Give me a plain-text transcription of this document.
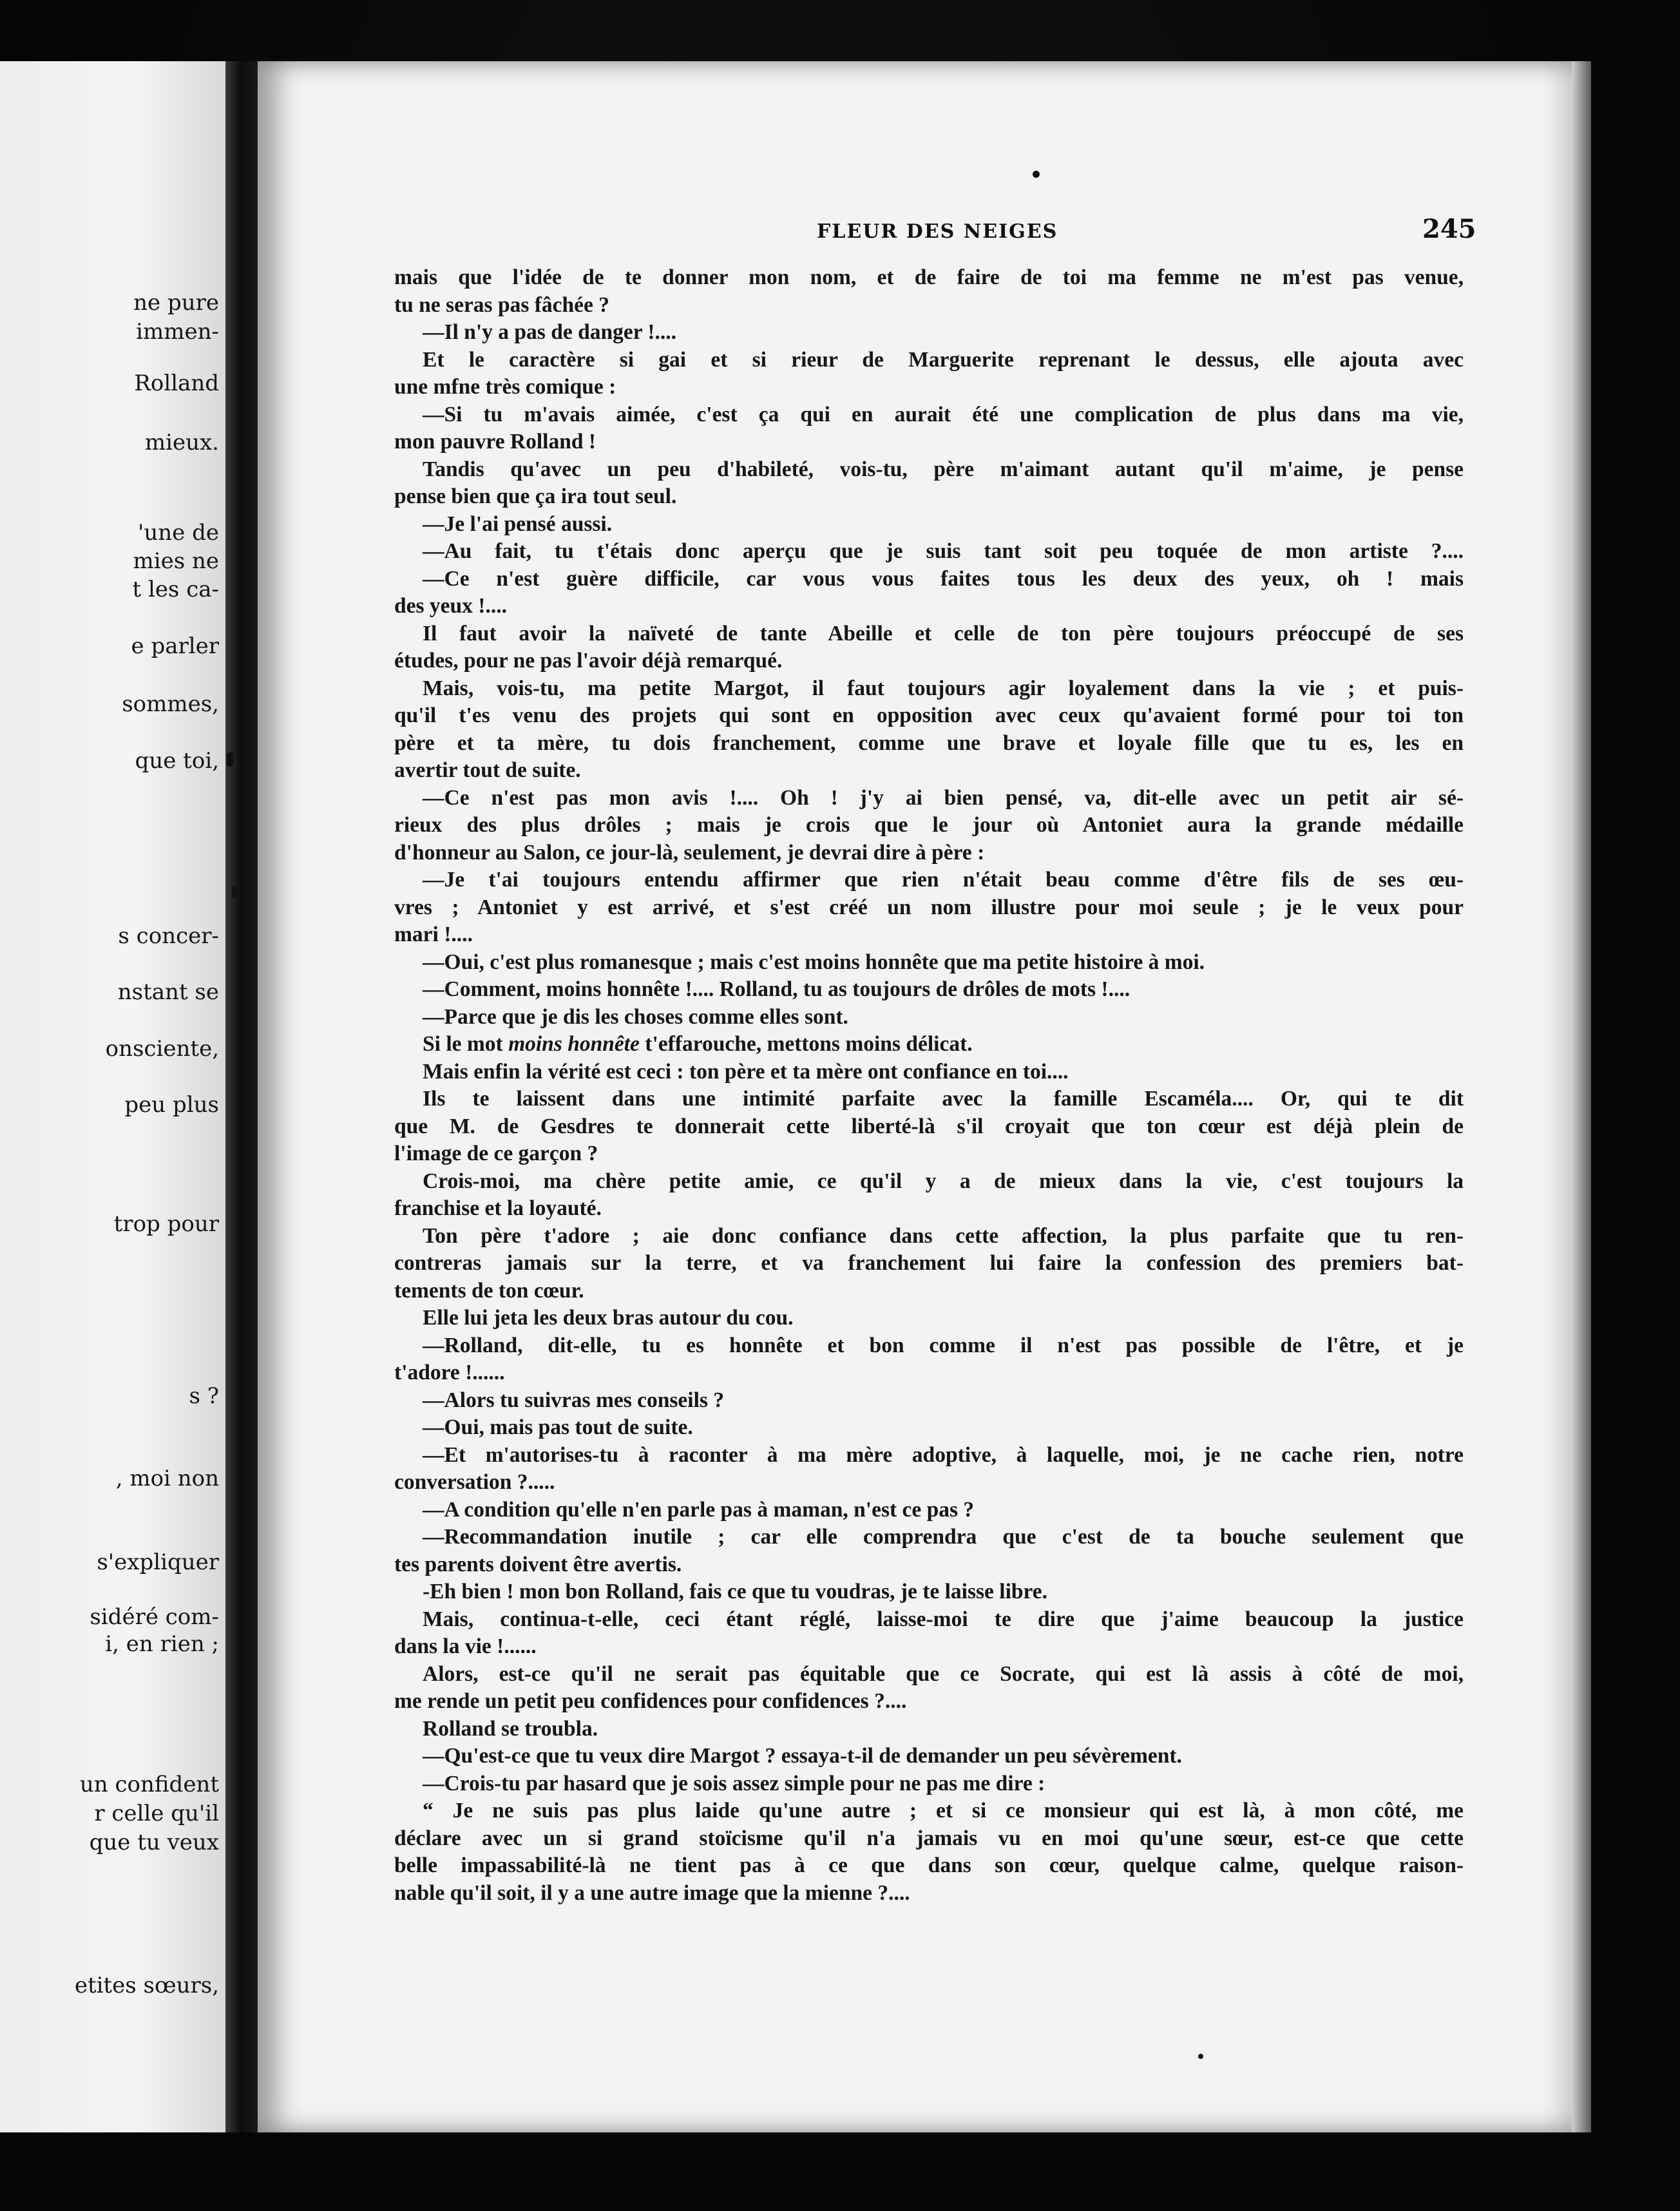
ne pure
immen-
Rolland
mieux.
'une de
mies ne
t les ca-
e parler
sommes,
que toi,
s concer-
nstant se
onsciente,
peu plus
trop pour
s ?
, moi non
s'expliquer
sidéré com-
i, en rien ;
un confident
r celle qu'il
que tu veux
etites sœurs,
FLEUR DES NEIGES	245
mais que l'idée de te donner mon nom, et de faire de toi ma femme ne m'est pas venue,
tu ne seras pas fâchée ?
—Il n'y a pas de danger !....
Et le caractère si gai et si rieur de Marguerite reprenant le dessus, elle ajouta avec
une mfne très comique :
—Si tu m'avais aimée, c'est ça qui en aurait été une complication de plus dans ma vie,
mon pauvre Rolland !
Tandis qu'avec un peu d'habileté, vois-tu, père m'aimant autant qu'il m'aime, je pense
pense bien que ça ira tout seul.
—Je l'ai pensé aussi.
—Au fait, tu t'étais donc aperçu que je suis tant soit peu toquée de mon artiste ?....
—Ce n'est guère difficile, car vous vous faites tous les deux des yeux, oh ! mais
des yeux !....
Il faut avoir la naïveté de tante Abeille et celle de ton père toujours préoccupé de ses
études, pour ne pas l'avoir déjà remarqué.
Mais, vois-tu, ma petite Margot, il faut toujours agir loyalement dans la vie ; et puis-
qu'il t'es venu des projets qui sont en opposition avec ceux qu'avaient formé pour toi ton
père et ta mère, tu dois franchement, comme une brave et loyale fille que tu es, les en
avertir tout de suite.
—Ce n'est pas mon avis !.... Oh ! j'y ai bien pensé, va, dit-elle avec un petit air sé-
rieux des plus drôles ; mais je crois que le jour où Antoniet aura la grande médaille
d'honneur au Salon, ce jour-là, seulement, je devrai dire à père :
—Je t'ai toujours entendu affirmer que rien n'était beau comme d'être fils de ses œu-
vres ; Antoniet y est arrivé, et s'est créé un nom illustre pour moi seule ; je le veux pour
mari !....
—Oui, c'est plus romanesque ; mais c'est moins honnête que ma petite histoire à moi.
—Comment, moins honnête !.... Rolland, tu as toujours de drôles de mots !....
—Parce que je dis les choses comme elles sont.
Si le mot moins honnête t'effarouche, mettons moins délicat.
Mais enfin la vérité est ceci : ton père et ta mère ont confiance en toi....
Ils te laissent dans une intimité parfaite avec la famille Escaméla.... Or, qui te dit
que M. de Gesdres te donnerait cette liberté-là s'il croyait que ton cœur est déjà plein de
l'image de ce garçon ?
Crois-moi, ma chère petite amie, ce qu'il y a de mieux dans la vie, c'est toujours la
franchise et la loyauté.
Ton père t'adore ; aie donc confiance dans cette affection, la plus parfaite que tu ren-
contreras jamais sur la terre, et va franchement lui faire la confession des premiers bat-
tements de ton cœur.
Elle lui jeta les deux bras autour du cou.
—Rolland, dit-elle, tu es honnête et bon comme il n'est pas possible de l'être, et je
t'adore !......
—Alors tu suivras mes conseils ?
—Oui, mais pas tout de suite.
—Et m'autorises-tu à raconter à ma mère adoptive, à laquelle, moi, je ne cache rien, notre
conversation ?.....
—A condition qu'elle n'en parle pas à maman, n'est ce pas ?
—Recommandation inutile ; car elle comprendra que c'est de ta bouche seulement que
tes parents doivent être avertis.
-Eh bien ! mon bon Rolland, fais ce que tu voudras, je te laisse libre.
Mais, continua-t-elle, ceci étant réglé, laisse-moi te dire que j'aime beaucoup la justice
dans la vie !......
Alors, est-ce qu'il ne serait pas équitable que ce Socrate, qui est là assis à côté de moi,
me rende un petit peu confidences pour confidences ?....
Rolland se troubla.
—Qu'est-ce que tu veux dire Margot ? essaya-t-il de demander un peu sévèrement.
—Crois-tu par hasard que je sois assez simple pour ne pas me dire :
“ Je ne suis pas plus laide qu'une autre ; et si ce monsieur qui est là, à mon côté, me
déclare avec un si grand stoïcisme qu'il n'a jamais vu en moi qu'une sœur, est-ce que cette
belle impassabilité-là ne tient pas à ce que dans son cœur, quelque calme, quelque raison-
nable qu'il soit, il y a une autre image que la mienne ?....
